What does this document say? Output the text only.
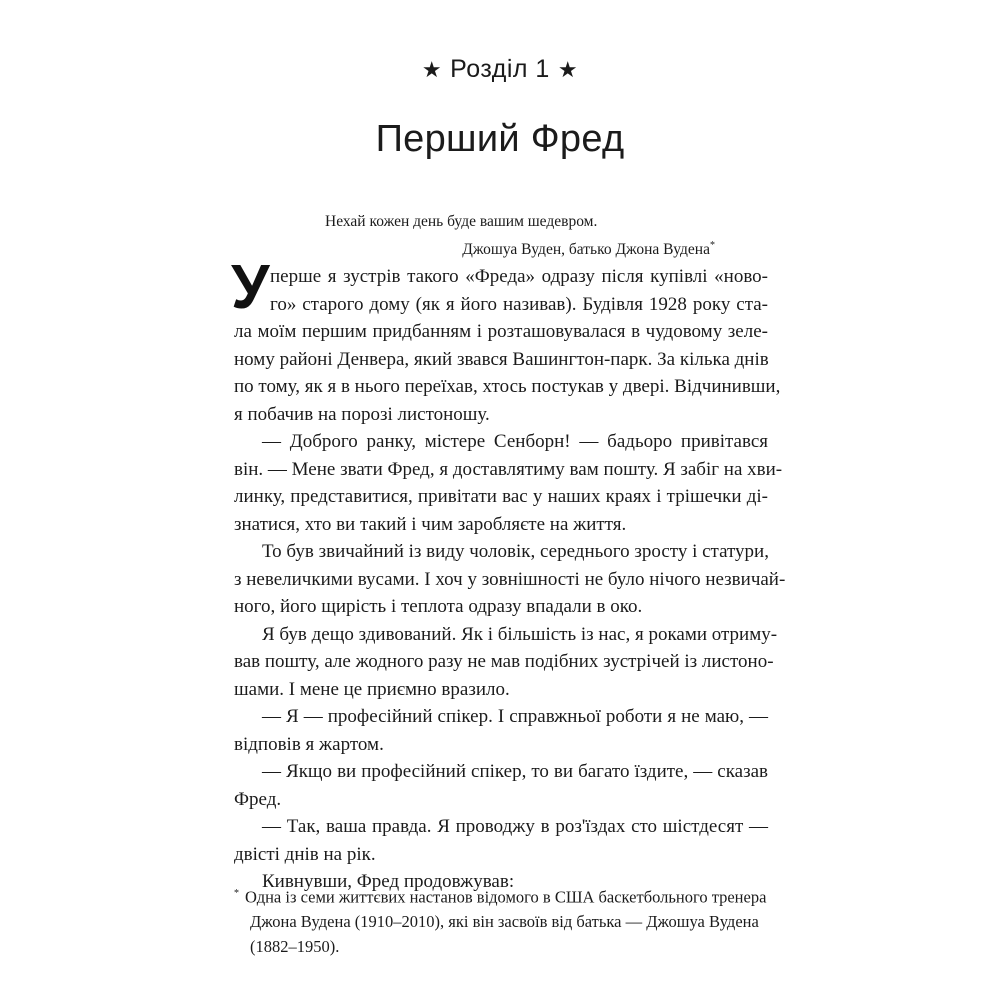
★ Розділ 1 ★
Перший Фред
Нехай кожен день буде вашим шедевром.
Джошуа Вуден, батько Джона Вудена*
У перше я зустрів такого «Фреда» одразу після купівлі «ново-
го» старого дому (як я його називав). Будівля 1928 року ста-
ла моїм першим придбанням і розташовувалася в чудовому зеле-
ному районі Денвера, який звався Вашингтон-парк. За кілька днів
по тому, як я в нього переїхав, хтось постукав у двері. Відчинивши,
я побачив на порозі листоношу.
— Доброго ранку, містере Сенборн! — бадьоро привітався
він. — Мене звати Фред, я доставлятиму вам пошту. Я забіг на хви-
линку, представитися, привітати вас у наших краях і трішечки ді-
знатися, хто ви такий і чим заробляєте на життя.
То був звичайний із виду чоловік, середнього зросту і статури,
з невеличкими вусами. І хоч у зовнішності не було нічого незвичай-
ного, його щирість і теплота одразу впадали в око.
Я був дещо здивований. Як і більшість із нас, я роками отриму-
вав пошту, але жодного разу не мав подібних зустрічей із листоно-
шами. І мене це приємно вразило.
— Я — професійний спікер. І справжньої роботи я не маю, —
відповів я жартом.
— Якщо ви професійний спікер, то ви багато їздите, — сказав
Фред.
— Так, ваша правда. Я проводжу в роз'їздах сто шістдесят —
двісті днів на рік.
Кивнувши, Фред продовжував:
* Одна із семи життєвих настанов відомого в США баскетбольного тренера
Джона Вудена (1910–2010), які він засвоїв від батька — Джошуа Вудена
(1882–1950).
